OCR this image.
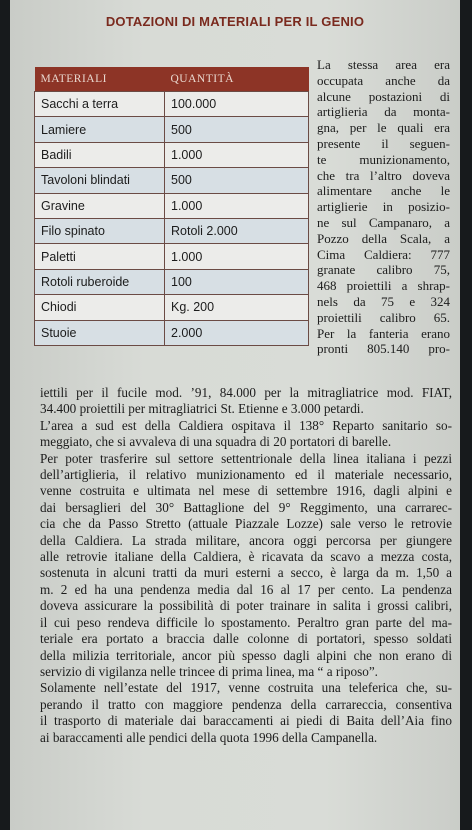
DOTAZIONI DI MATERIALI PER IL GENIO
MATERIALI	QUANTITÀ
Sacchi a terra	100.000
Lamiere	500
Badili	1.000
Tavoloni blindati	500
Gravine	1.000
Filo spinato	Rotoli 2.000
Paletti	1.000
Rotoli ruberoide	100
Chiodi	Kg. 200
Stuoie	2.000

La stessa area era
occupata anche da
alcune postazioni di
artiglieria da monta-
gna, per le quali era
presente il seguen-
te munizionamento,
che tra l’altro doveva
alimentare anche le
artiglierie in posizio-
ne sul Campanaro, a
Pozzo della Scala, a
Cima Caldiera: 777
granate calibro 75,
468 proiettili a shrap-
nels da 75 e 324
proiettili calibro 65.
Per la fanteria erano
pronti 805.140 pro-

iettili per il fucile mod. ’91, 84.000 per la mitragliatrice mod. FIAT,
34.400 proiettili per mitragliatrici St. Etienne e 3.000 petardi.
L’area a sud est della Caldiera ospitava il 138° Reparto sanitario so-
meggiato, che si avvaleva di una squadra di 20 portatori di barelle.
Per poter trasferire sul settore settentrionale della linea italiana i pezzi
dell’artiglieria, il relativo munizionamento ed il materiale necessario,
venne costruita e ultimata nel mese di settembre 1916, dagli alpini e
dai bersaglieri del 30° Battaglione del 9° Reggimento, una carrarec-
cia che da Passo Stretto (attuale Piazzale Lozze) sale verso le retrovie
della Caldiera. La strada militare, ancora oggi percorsa per giungere
alle retrovie italiane della Caldiera, è ricavata da scavo a mezza costa,
sostenuta in alcuni tratti da muri esterni a secco, è larga da m. 1,50 a
m. 2 ed ha una pendenza media dal 16 al 17 per cento. La pendenza
doveva assicurare la possibilità di poter trainare in salita i grossi calibri,
il cui peso rendeva difficile lo spostamento. Peraltro gran parte del ma-
teriale era portato a braccia dalle colonne di portatori, spesso soldati
della milizia territoriale, ancor più spesso dagli alpini che non erano di
servizio di vigilanza nelle trincee di prima linea, ma “ a riposo”.
Solamente nell’estate del 1917, venne costruita una teleferica che, su-
perando il tratto con maggiore pendenza della carrareccia, consentiva
il trasporto di materiale dai baraccamenti ai piedi di Baita dell’Aia fino
ai baraccamenti alle pendici della quota 1996 della Campanella.
